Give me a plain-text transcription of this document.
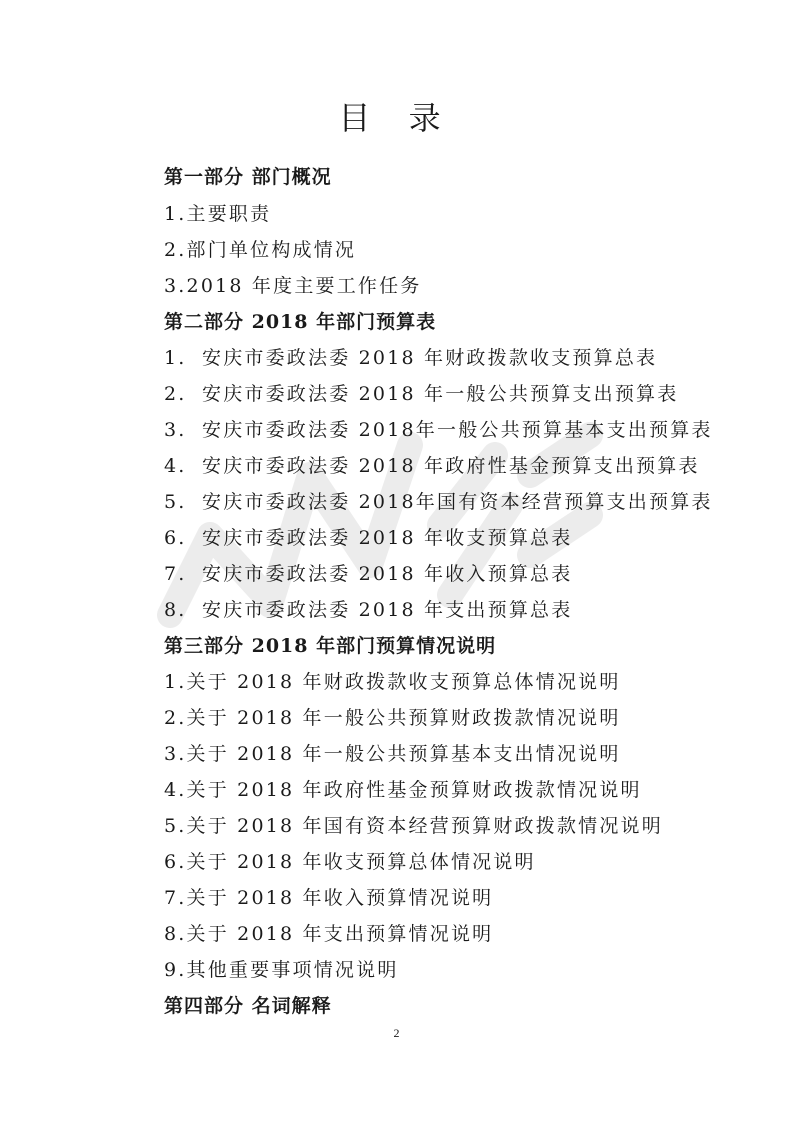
目 录
第一部分 部门概况
1.主要职责
2.部门单位构成情况
3.2018 年度主要工作任务
第二部分 2018 年部门预算表
1. 安庆市委政法委 2018 年财政拨款收支预算总表
2. 安庆市委政法委 2018 年一般公共预算支出预算表
3. 安庆市委政法委 2018年一般公共预算基本支出预算表
4. 安庆市委政法委 2018 年政府性基金预算支出预算表
5. 安庆市委政法委 2018年国有资本经营预算支出预算表
6. 安庆市委政法委 2018 年收支预算总表
7. 安庆市委政法委 2018 年收入预算总表
8. 安庆市委政法委 2018 年支出预算总表
第三部分 2018 年部门预算情况说明
1.关于 2018 年财政拨款收支预算总体情况说明
2.关于 2018 年一般公共预算财政拨款情况说明
3.关于 2018 年一般公共预算基本支出情况说明
4.关于 2018 年政府性基金预算财政拨款情况说明
5.关于 2018 年国有资本经营预算财政拨款情况说明
6.关于 2018 年收支预算总体情况说明
7.关于 2018 年收入预算情况说明
8.关于 2018 年支出预算情况说明
9.其他重要事项情况说明
第四部分 名词解释
2
